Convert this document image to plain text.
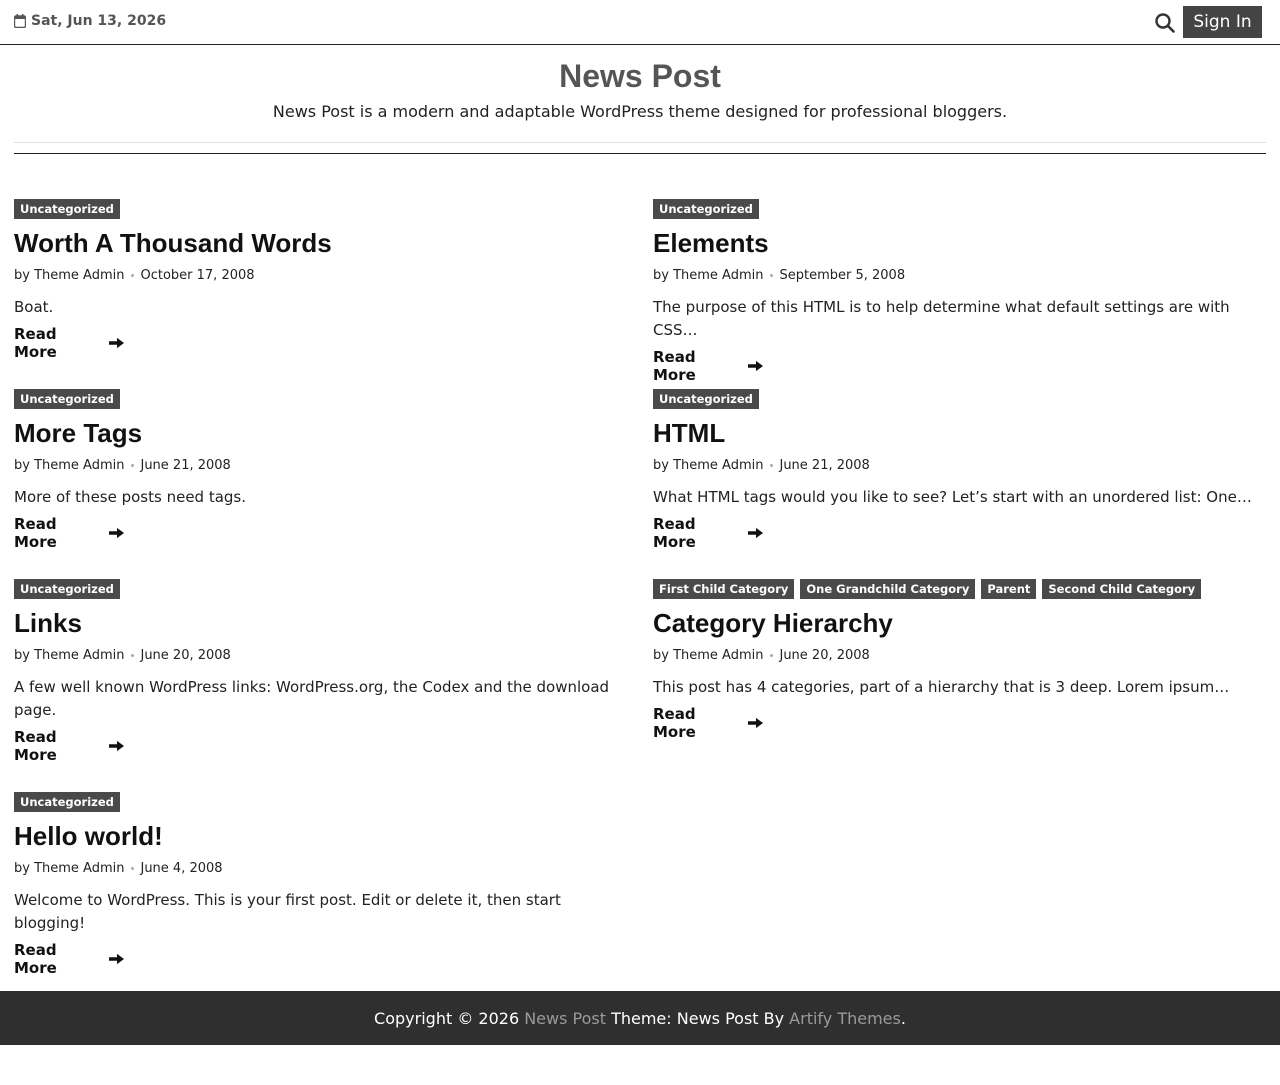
Sat, Jun 13, 2026	Sign In
News Post
News Post is a modern and adaptable WordPress theme designed for professional bloggers.
Uncategorized
Worth A Thousand Words
by Theme Admin October 17, 2008
Boat.
Read More
Uncategorized
Elements
by Theme Admin September 5, 2008
The purpose of this HTML is to help determine what default settings are with CSS…
Read More
Uncategorized
More Tags
by Theme Admin June 21, 2008
More of these posts need tags.
Read More
Uncategorized
HTML
by Theme Admin June 21, 2008
What HTML tags would you like to see? Let’s start with an unordered list: One…
Read More
Uncategorized
Links
by Theme Admin June 20, 2008
A few well known WordPress links: WordPress.org, the Codex and the download page.
Read More
First Child Category	One Grandchild Category	Parent	Second Child Category
Category Hierarchy
by Theme Admin June 20, 2008
This post has 4 categories, part of a hierarchy that is 3 deep. Lorem ipsum…
Read More
Uncategorized
Hello world!
by Theme Admin June 4, 2008
Welcome to WordPress. This is your first post. Edit or delete it, then start blogging!
Read More
Copyright © 2026 News Post Theme: News Post By Artify Themes .
